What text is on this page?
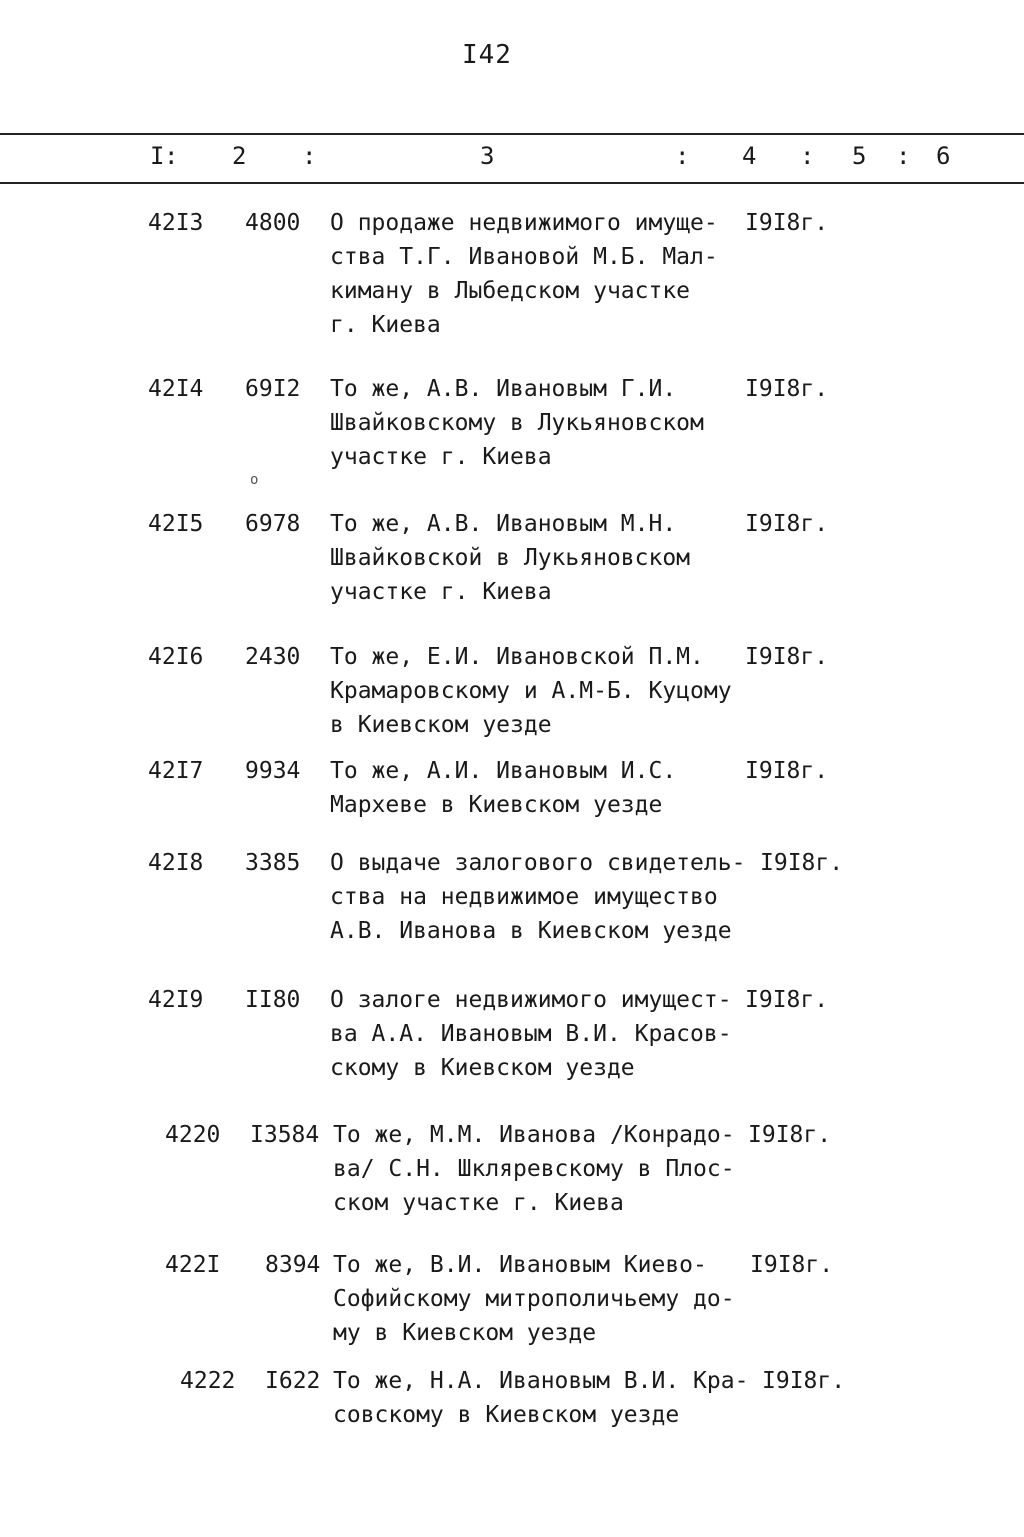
I42
I : 2 :	3	: 4 : 5 : 6
42I3 4800 О продаже недвижимого имуще-
ства Т.Г. Ивановой М.Б. Мал-
киману в Лыбедском участке
г. Киева
I9I8г.
42I4 69I2 То же, А.В. Ивановым Г.И.
Швайковскому в Лукьяновском
участке г. Киева
I9I8г.
о
42I5 6978 То же, А.В. Ивановым М.Н.
Швайковской в Лукьяновском
участке г. Киева
I9I8г.
42I6 2430 То же, Е.И. Ивановской П.М.
Крамаровскому и А.М-Б. Куцому
в Киевском уезде
I9I8г.
42I7 9934 То же, А.И. Ивановым И.С.
Мархеве в Киевском уезде
I9I8г.
42I8 3385 О выдаче залогового свидетель-
ства на недвижимое имущество
А.В. Иванова в Киевском уезде
I9I8г.
42I9 II80 О залоге недвижимого имущест-
ва А.А. Ивановым В.И. Красов-
скому в Киевском уезде
I9I8г.
4220 I3584 То же, М.М. Иванова /Конрадо-
ва/ С.Н. Шкляревскому в Плос-
ском участке г. Киева
I9I8г.
422I 8394 То же, В.И. Ивановым Киево-
Софийскому митрополичьему до-
му в Киевском уезде
I9I8г.
4222 I622 То же, Н.А. Ивановым В.И. Кра-
совскому в Киевском уезде
I9I8г.
